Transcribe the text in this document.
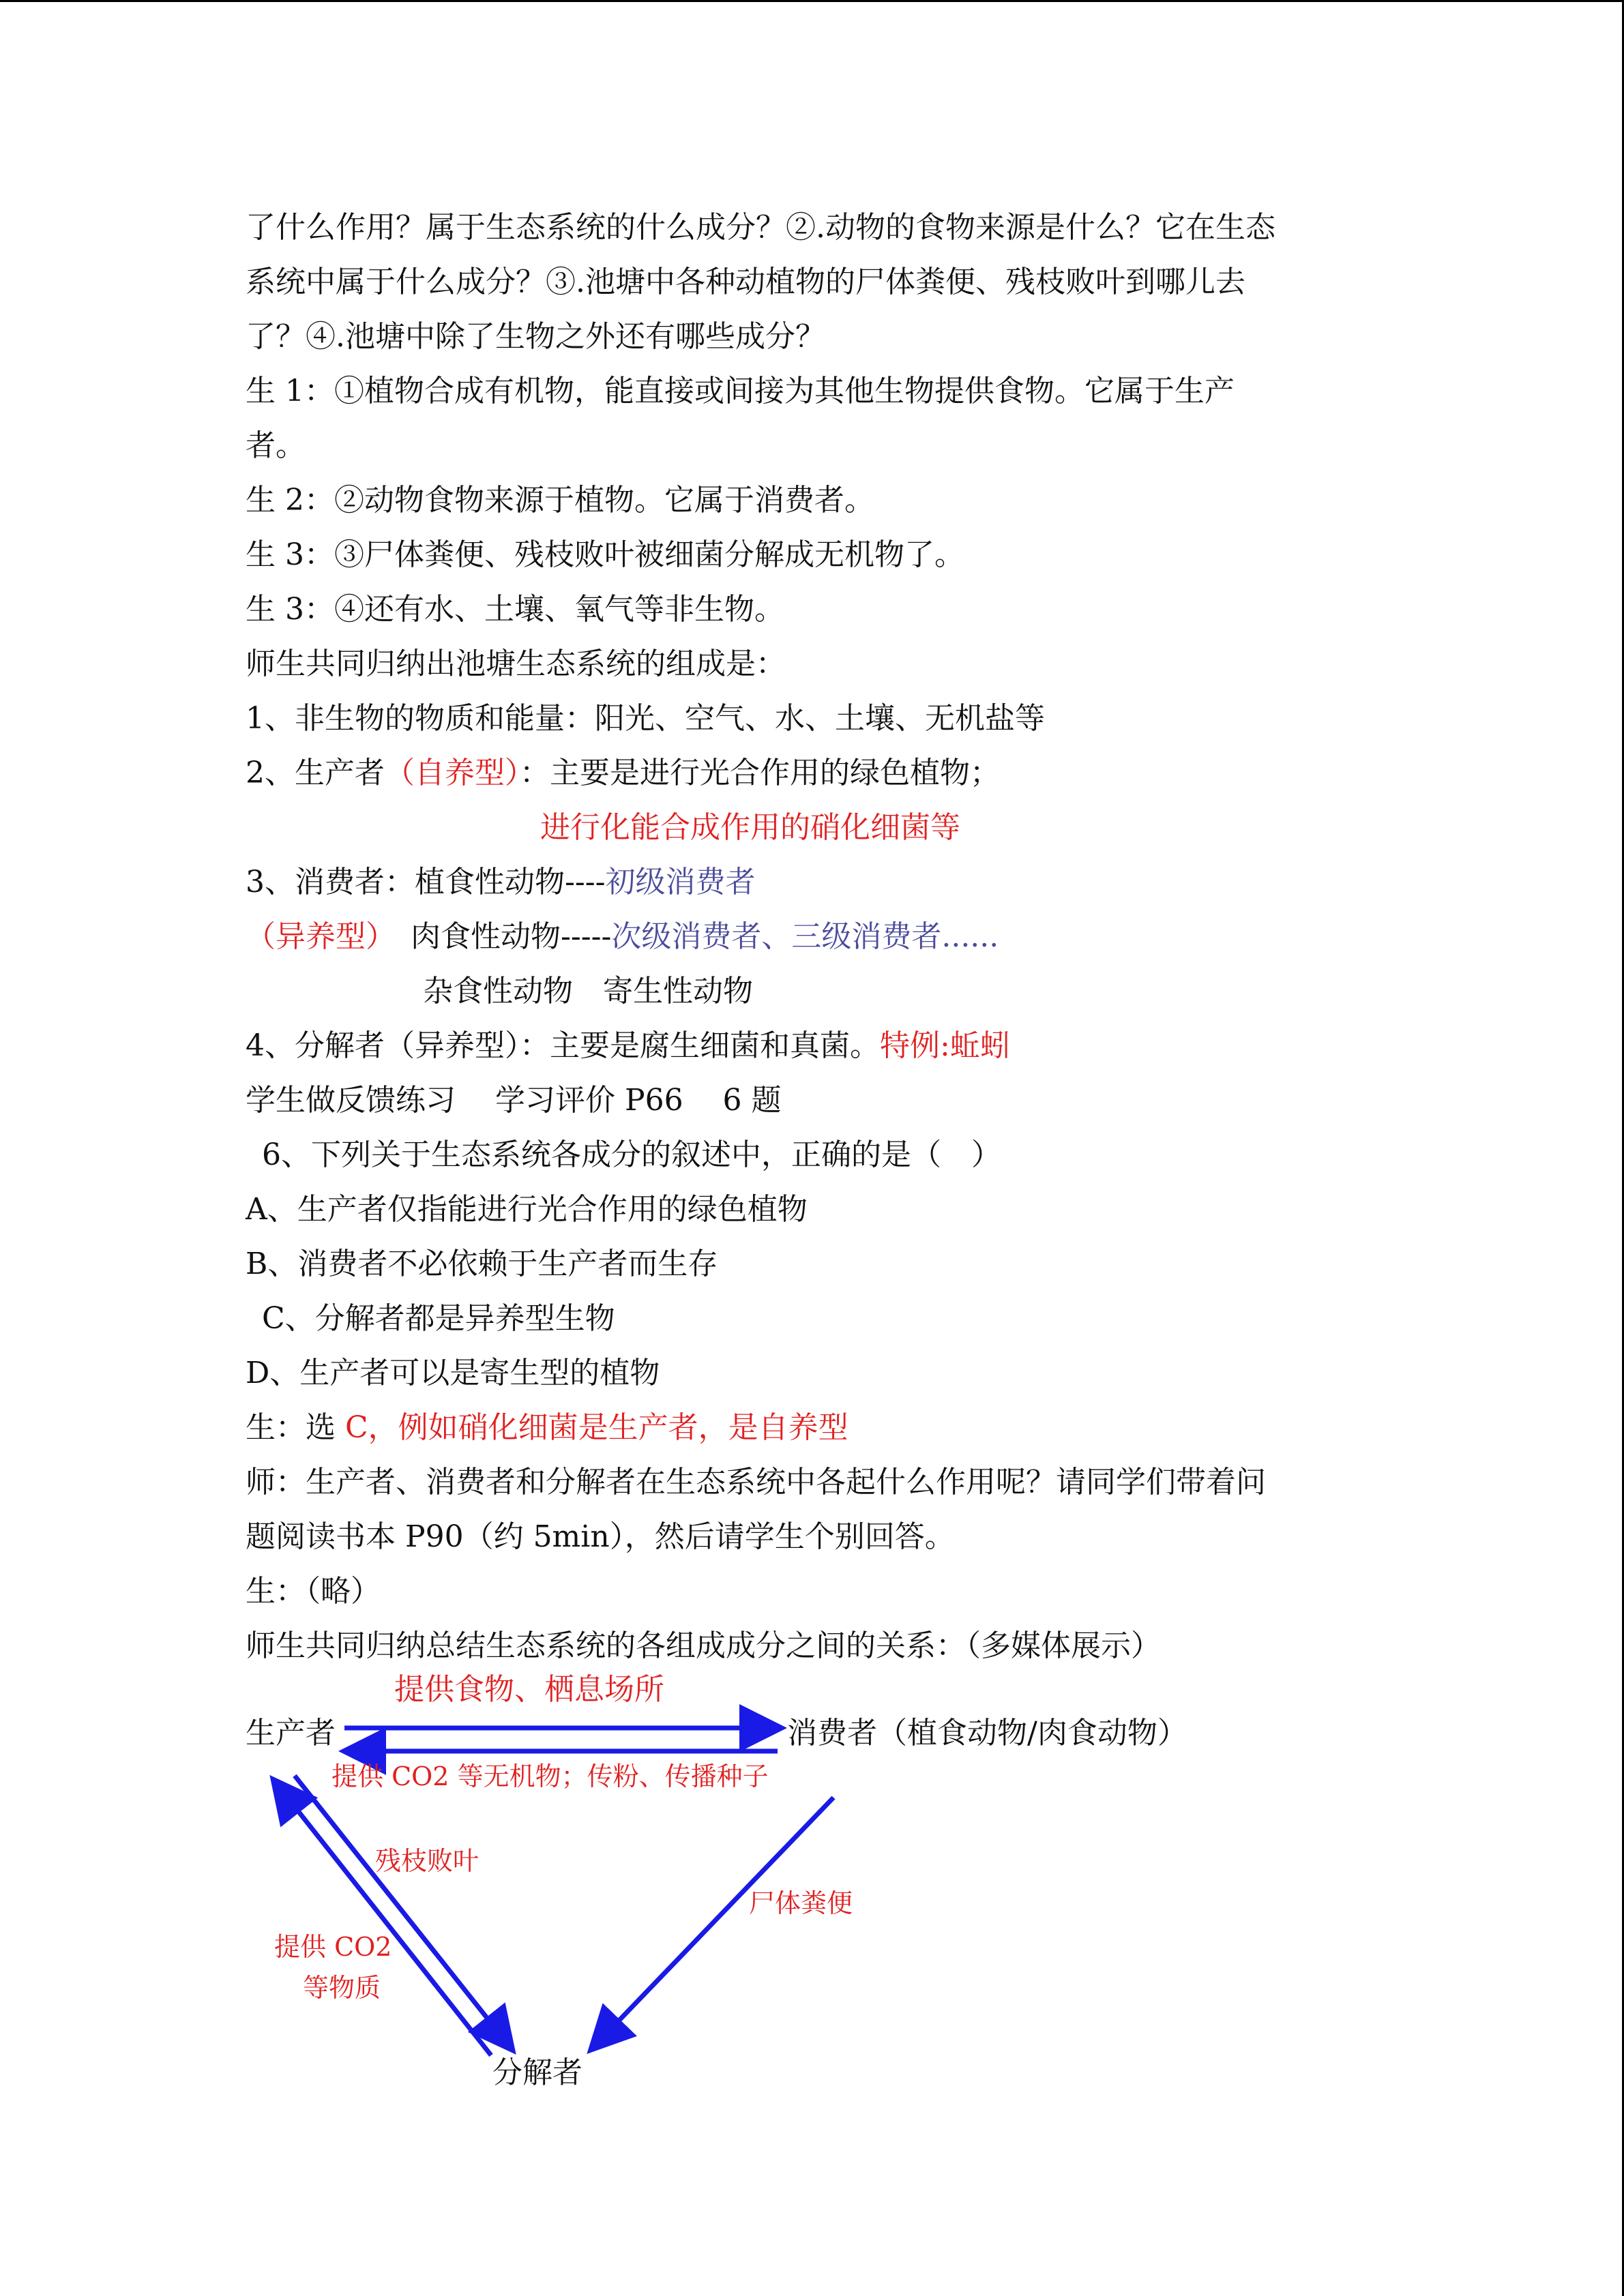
了什么作用？属于生态系统的什么成分？②.动物的食物来源是什么？它在生态
系统中属于什么成分？③.池塘中各种动植物的尸体粪便、残枝败叶到哪儿去
了？④.池塘中除了生物之外还有哪些成分？
生 1：①植物合成有机物，能直接或间接为其他生物提供食物。它属于生产
者。
生 2：②动物食物来源于植物。它属于消费者。
生 3：③尸体粪便、残枝败叶被细菌分解成无机物了。
生 3：④还有水、土壤、氧气等非生物。
师生共同归纳出池塘生态系统的组成是：
1、非生物的物质和能量：阳光、空气、水、土壤、无机盐等
2、生产者（自养型）：主要是进行光合作用的绿色植物；
进行化能合成作用的硝化细菌等
3、消费者：植食性动物----初级消费者
（异养型） 肉食性动物-----次级消费者、三级消费者......
杂食性动物　寄生性动物
4、分解者（异养型）：主要是腐生细菌和真菌。特例:蚯蚓
学生做反馈练习　 学习评价 P66　 6 题
6、下列关于生态系统各成分的叙述中，正确的是（　）
A、生产者仅指能进行光合作用的绿色植物
B、消费者不必依赖于生产者而生存
C、分解者都是异养型生物
D、生产者可以是寄生型的植物
生：选 C，例如硝化细菌是生产者，是自养型
师：生产者、消费者和分解者在生态系统中各起什么作用呢？请同学们带着问
题阅读书本 P90（约 5min），然后请学生个别回答。
生：（略）
师生共同归纳总结生态系统的各组成成分之间的关系：（多媒体展示）
生产者	消费者（植食动物/肉食动物）
分解者
提供食物、栖息场所
提供 CO2 等无机物；传粉、传播种子
残枝败叶
提供 CO2
等物质
尸体粪便
